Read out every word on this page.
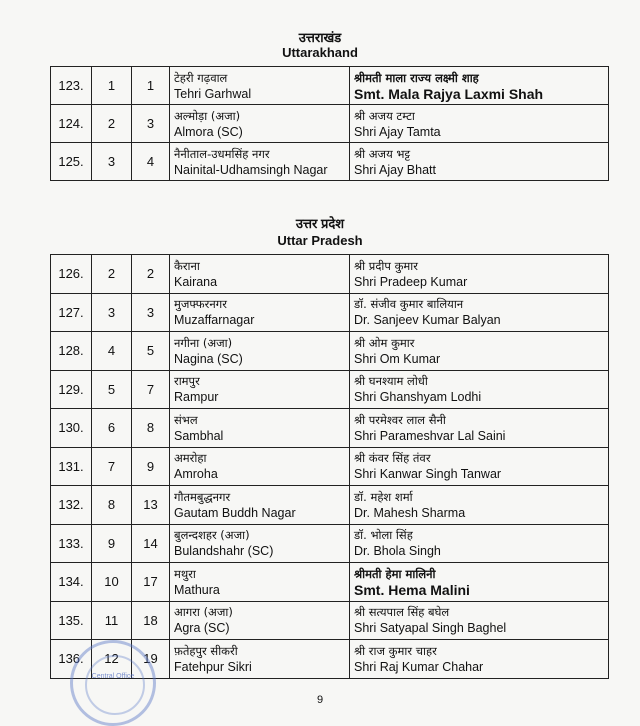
उत्तराखंड
Uttarakhand
123.	1	1	टेहरी गढ़वाल
Tehri Garhwal	श्रीमती माला राज्य लक्ष्मी शाह
Smt. Mala Rajya Laxmi Shah

124.	2	3	अल्मोड़ा (अजा)
Almora (SC)	श्री अजय टम्टा
Shri Ajay Tamta

125.	3	4	नैनीताल-उधमसिंह नगर
Nainital-Udhamsingh Nagar	श्री अजय भट्ट
Shri Ajay Bhatt
उत्तर प्रदेश
Uttar Pradesh
126.	2	2	कैराना
Kairana	श्री प्रदीप कुमार
Shri Pradeep Kumar

127.	3	3	मुजफ्फरनगर
Muzaffarnagar	डॉ. संजीव कुमार बालियान
Dr. Sanjeev Kumar Balyan

128.	4	5	नगीना (अजा)
Nagina (SC)	श्री ओम कुमार
Shri Om Kumar

129.	5	7	रामपुर
Rampur	श्री घनश्याम लोधी
Shri Ghanshyam Lodhi

130.	6	8	संभल
Sambhal	श्री परमेश्वर लाल सैनी
Shri Parameshvar Lal Saini

131.	7	9	अमरोहा
Amroha	श्री कंवर सिंह तंवर
Shri Kanwar Singh Tanwar

132.	8	13	गौतमबुद्धनगर
Gautam Buddh Nagar	डॉ. महेश शर्मा
Dr. Mahesh Sharma

133.	9	14	बुलन्दशहर (अजा)
Bulandshahr (SC)	डॉ. भोला सिंह
Dr. Bhola Singh

134.	10	17	मथुरा
Mathura	श्रीमती हेमा मालिनी
Smt. Hema Malini

135.	11	18	आगरा (अजा)
Agra (SC)	श्री सत्यपाल सिंह बघेल
Shri Satyapal Singh Baghel

136.	12	19	फ़तेहपुर सीकरी
Fatehpur Sikri	श्री राज कुमार चाहर
Shri Raj Kumar Chahar
Central Office
9
